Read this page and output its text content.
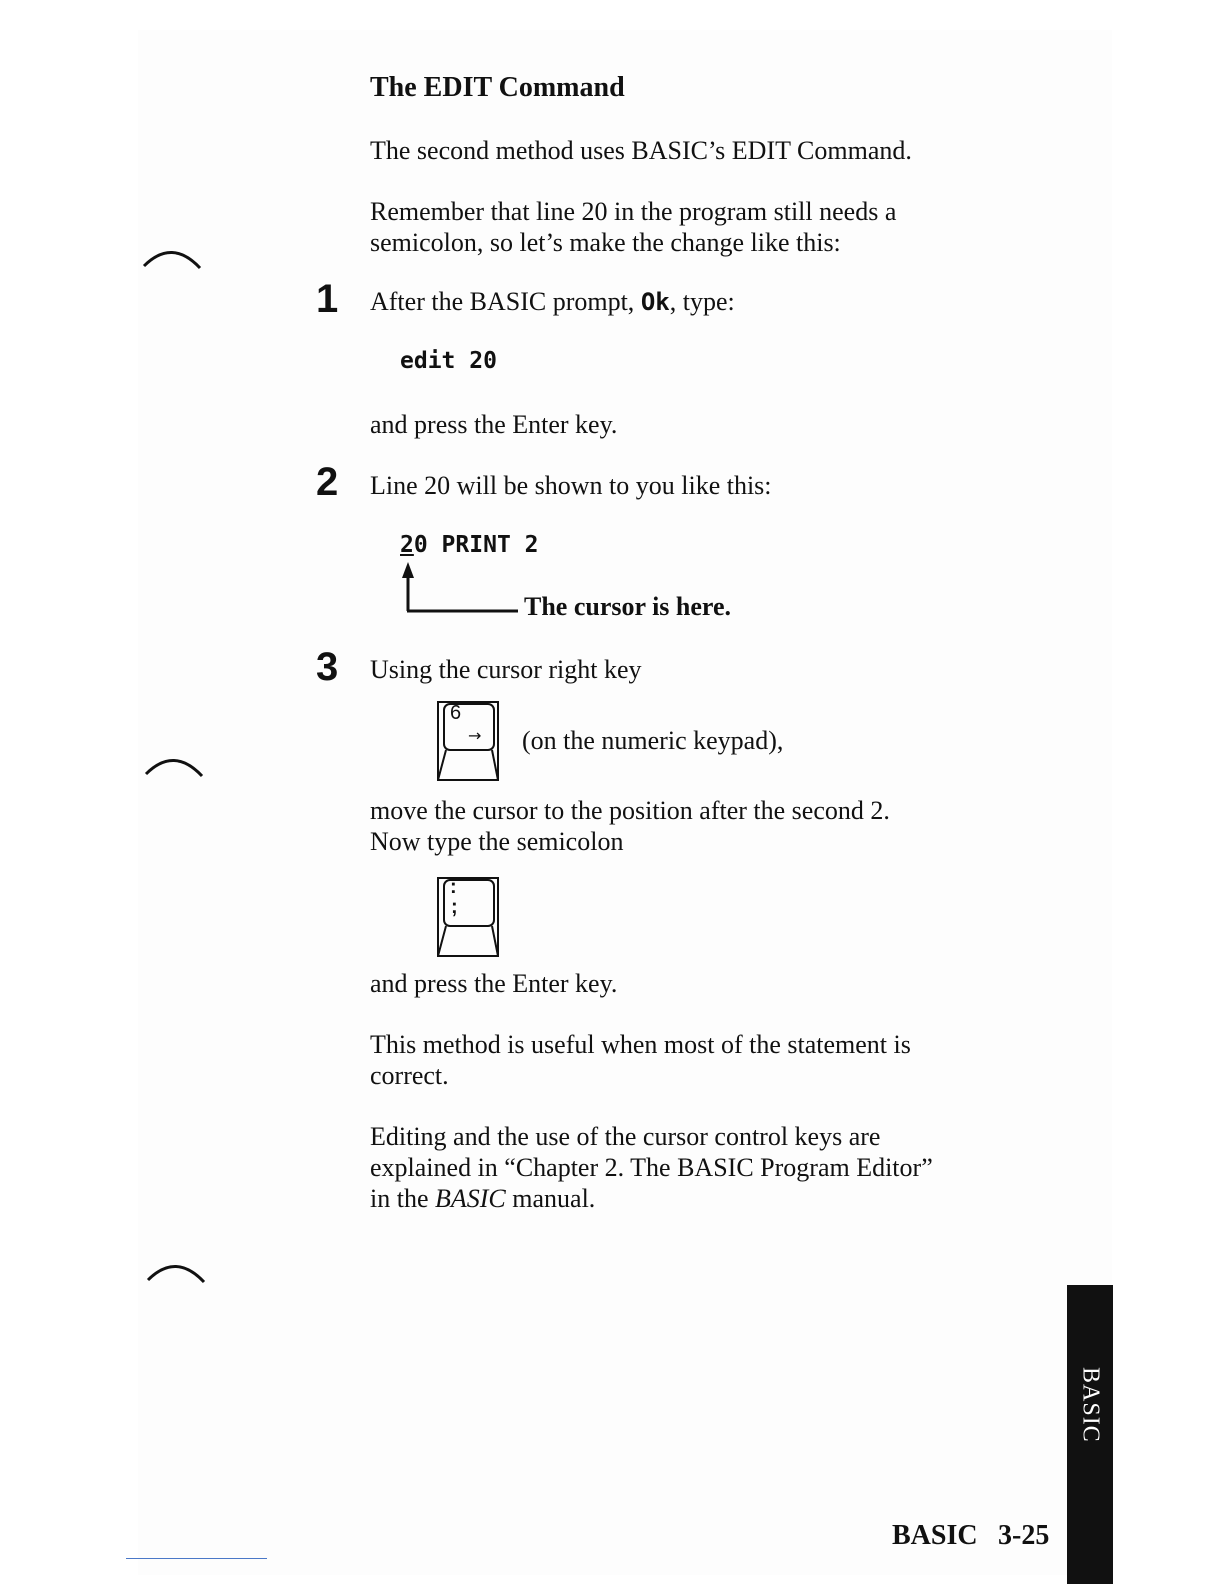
The EDIT Command
The second method uses BASIC’s EDIT Command.
Remember that line 20 in the program still needs a
semicolon, so let’s make the change like this:
1 After the BASIC prompt, Ok, type:
edit 20
and press the Enter key.
2 Line 20 will be shown to you like this:
20 PRINT 2
The cursor is here.
3 Using the cursor right key
6
→ (on the numeric keypad),
move the cursor to the position after the second 2.
Now type the semicolon
:
;
and press the Enter key.
This method is useful when most of the statement is
correct.
Editing and the use of the cursor control keys are
explained in “Chapter 2. The BASIC Program Editor”
in the BASIC manual.
BASIC
BASIC 3-25
